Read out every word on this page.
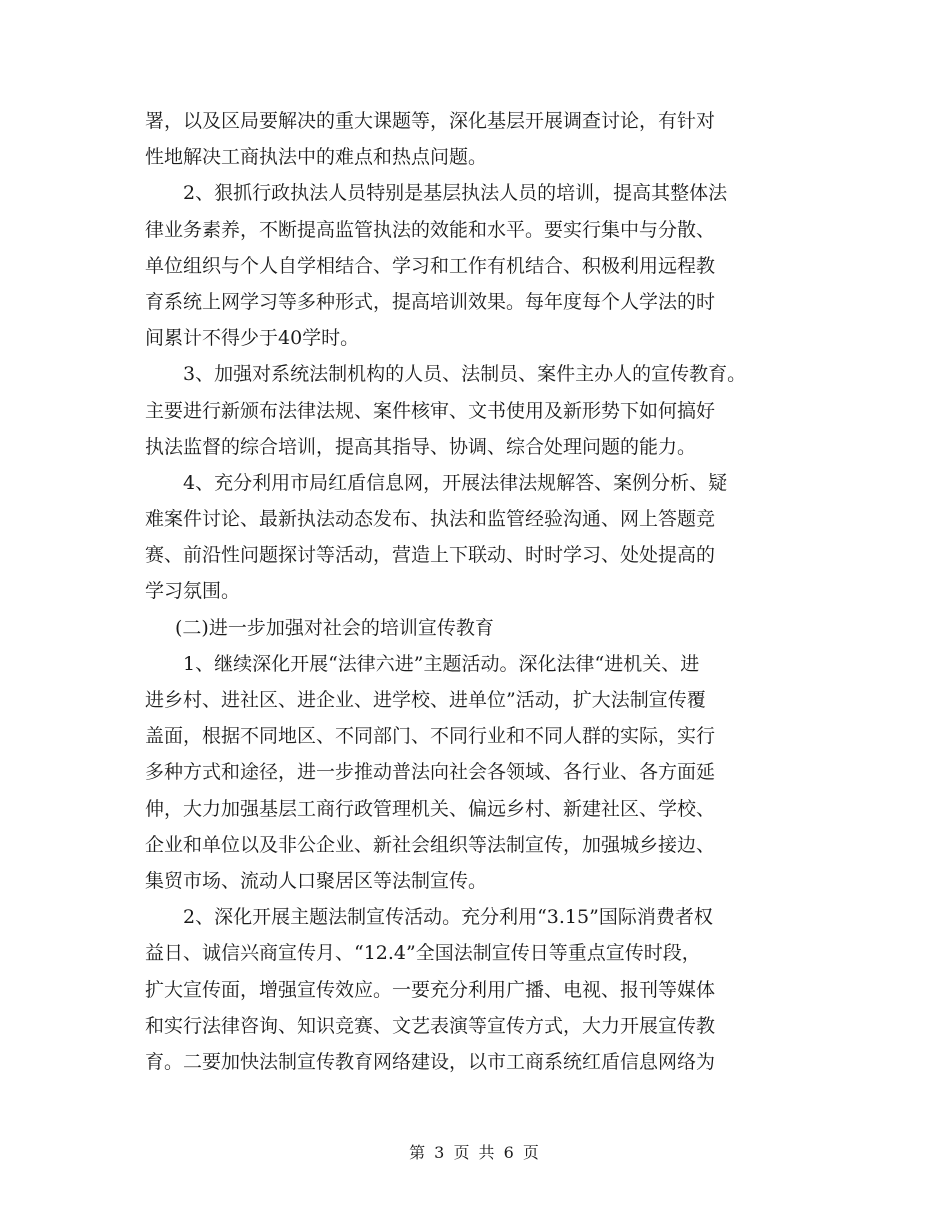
署，以及区局要解决的重大课题等，深化基层开展调查讨论，有针对
性地解决工商执法中的难点和热点问题。
2、狠抓行政执法人员特别是基层执法人员的培训，提高其整体法
律业务素养，不断提高监管执法的效能和水平。要实行集中与分散、
单位组织与个人自学相结合、学习和工作有机结合、积极利用远程教
育系统上网学习等多种形式，提高培训效果。每年度每个人学法的时
间累计不得少于40学时。
3、加强对系统法制机构的人员、法制员、案件主办人的宣传教育。
主要进行新颁布法律法规、案件核审、文书使用及新形势下如何搞好
执法监督的综合培训，提高其指导、协调、综合处理问题的能力。
4、充分利用市局红盾信息网，开展法律法规解答、案例分析、疑
难案件讨论、最新执法动态发布、执法和监管经验沟通、网上答题竞
赛、前沿性问题探讨等活动，营造上下联动、时时学习、处处提高的
学习氛围。
(二)进一步加强对社会的培训宣传教育
1、继续深化开展“法律六进”主题活动。深化法律“进机关、进
进乡村、进社区、进企业、进学校、进单位”活动，扩大法制宣传覆
盖面，根据不同地区、不同部门、不同行业和不同人群的实际，实行
多种方式和途径，进一步推动普法向社会各领域、各行业、各方面延
伸，大力加强基层工商行政管理机关、偏远乡村、新建社区、学校、
企业和单位以及非公企业、新社会组织等法制宣传，加强城乡接边、
集贸市场、流动人口聚居区等法制宣传。
2、深化开展主题法制宣传活动。充分利用“3.15”国际消费者权
益日、诚信兴商宣传月、“12.4”全国法制宣传日等重点宣传时段，
扩大宣传面，增强宣传效应。一要充分利用广播、电视、报刊等媒体
和实行法律咨询、知识竞赛、文艺表演等宣传方式，大力开展宣传教
育。二要加快法制宣传教育网络建设，以市工商系统红盾信息网络为
第 3 页 共 6 页
